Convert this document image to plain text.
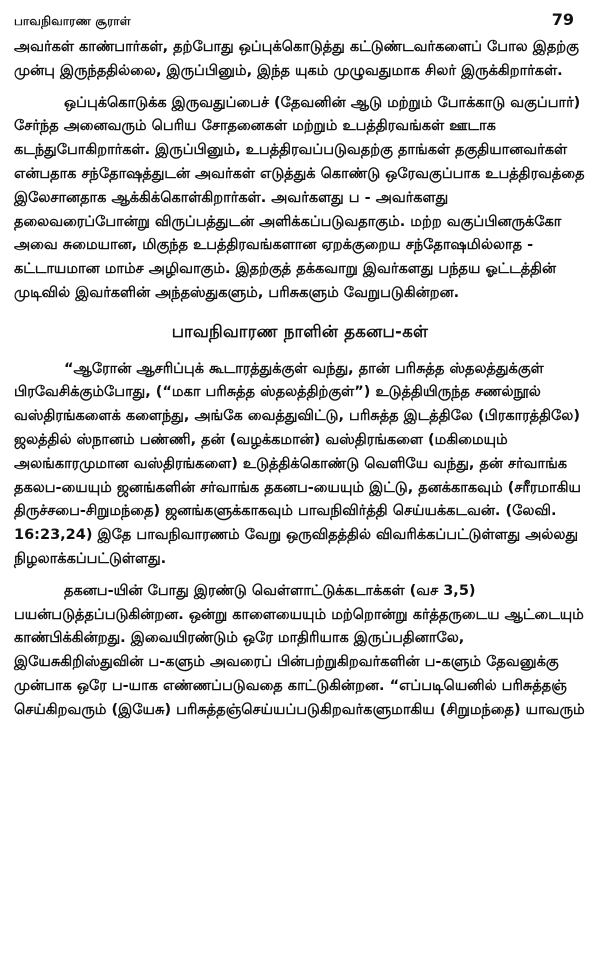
பாவநிவாரண சூராள்	79

அவர்கள் காண்பார்கள், தற்போது ஒப்புக்கொடுத்து கட்டுண்டவர்களைப் போல இதற்கு முன்பு இருந்ததில்லை, இருப்பினும், இந்த யுகம் முழுவதுமாக சிலர் இருக்கிறார்கள்.

ஒப்புக்கொடுக்க இருவதுப்பைச் (தேவனின் ஆடு மற்றும் போக்காடு வகுப்பார்) சேர்ந்த அனைவரும் பெரிய சோதனைகள் மற்றும் உபத்திரவங்கள் ஊடாக கடந்துபோகிறார்கள். இருப்பினும், உபத்திரவப்படுவதற்கு தாங்கள் தகுதியானவர்கள் என்பதாக சந்தோஷத்துடன் அவர்கள் எடுத்துக் கொண்டு ஒரேவகுப்பாக உபத்திரவத்தை இலேசானதாக ஆக்கிக்கொள்கிறார்கள். அவர்களது ப - அவர்களது தலைவரைப்போன்று விருப்பத்துடன் அளிக்கப்படுவதாகும். மற்ற வகுப்பினருக்கோ அவை சுமையான, மிகுந்த உபத்திரவங்களான ஏறக்குறைய சந்தோஷமில்லாத - கட்டாயமான மாம்ச அழிவாகும். இதற்குத் தக்கவாறு இவர்களது பந்தய ஓட்டத்தின் முடிவில் இவர்களின் அந்தஸ்துகளும், பரிசுகளும் வேறுபடுகின்றன.

பாவநிவாரண நாளின் தகனப-கள்

“ஆரோன் ஆசரிப்புக் கூடாரத்துக்குள் வந்து, தான் பரிசுத்த ஸ்தலத்துக்குள் பிரவேசிக்கும்போது, (“மகா பரிசுத்த ஸ்தலத்திற்குள்”) உடுத்தியிருந்த சணல்நூல் வஸ்திரங்களைக் களைந்து, அங்கே வைத்துவிட்டு, பரிசுத்த இடத்திலே (பிரகாரத்திலே) ஜலத்தில் ஸ்நானம் பண்ணி, தன் (வழக்கமான்) வஸ்திரங்களை (மகிமையும் அலங்காரமுமான வஸ்திரங்களை) உடுத்திக்கொண்டு வெளியே வந்து, தன் சர்வாங்க தகலப-யையும் ஜனங்களின் சர்வாங்க தகனப-யையும் இட்டு, தனக்காகவும் (சரீரமாகிய திருச்சபை-சிறுமந்தை) ஜனங்களுக்காகவும் பாவநிவிர்த்தி செய்யக்கடவன். (லேவி. 16:23,24) இதே பாவநிவாரணம் வேறு ஒருவிதத்தில் விவரிக்கப்பட்டுள்ளது அல்லது நிழலாக்கப்பட்டுள்ளது.

தகனப-யின் போது இரண்டு வெள்ளாட்டுக்கடாக்கள் (வச 3,5) பயன்படுத்தப்படுகின்றன. ஒன்று காளையையும் மற்றொன்று கர்த்தருடைய ஆட்டையும் காண்பிக்கின்றது. இவையிரண்டும் ஒரே மாதிரியாக இருப்பதினாலே, இயேசுகிறிஸ்துவின் ப-களும் அவரைப் பின்பற்றுகிறவர்களின் ப-களும் தேவனுக்கு முன்பாக ஒரே ப-யாக எண்ணப்படுவதை காட்டுகின்றன. “எப்படியெனில் பரிசுத்தஞ் செய்கிறவரும் (இயேசு) பரிசுத்தஞ்செய்யப்படுகிறவர்களுமாகிய (சிறுமந்தை) யாவரும்
